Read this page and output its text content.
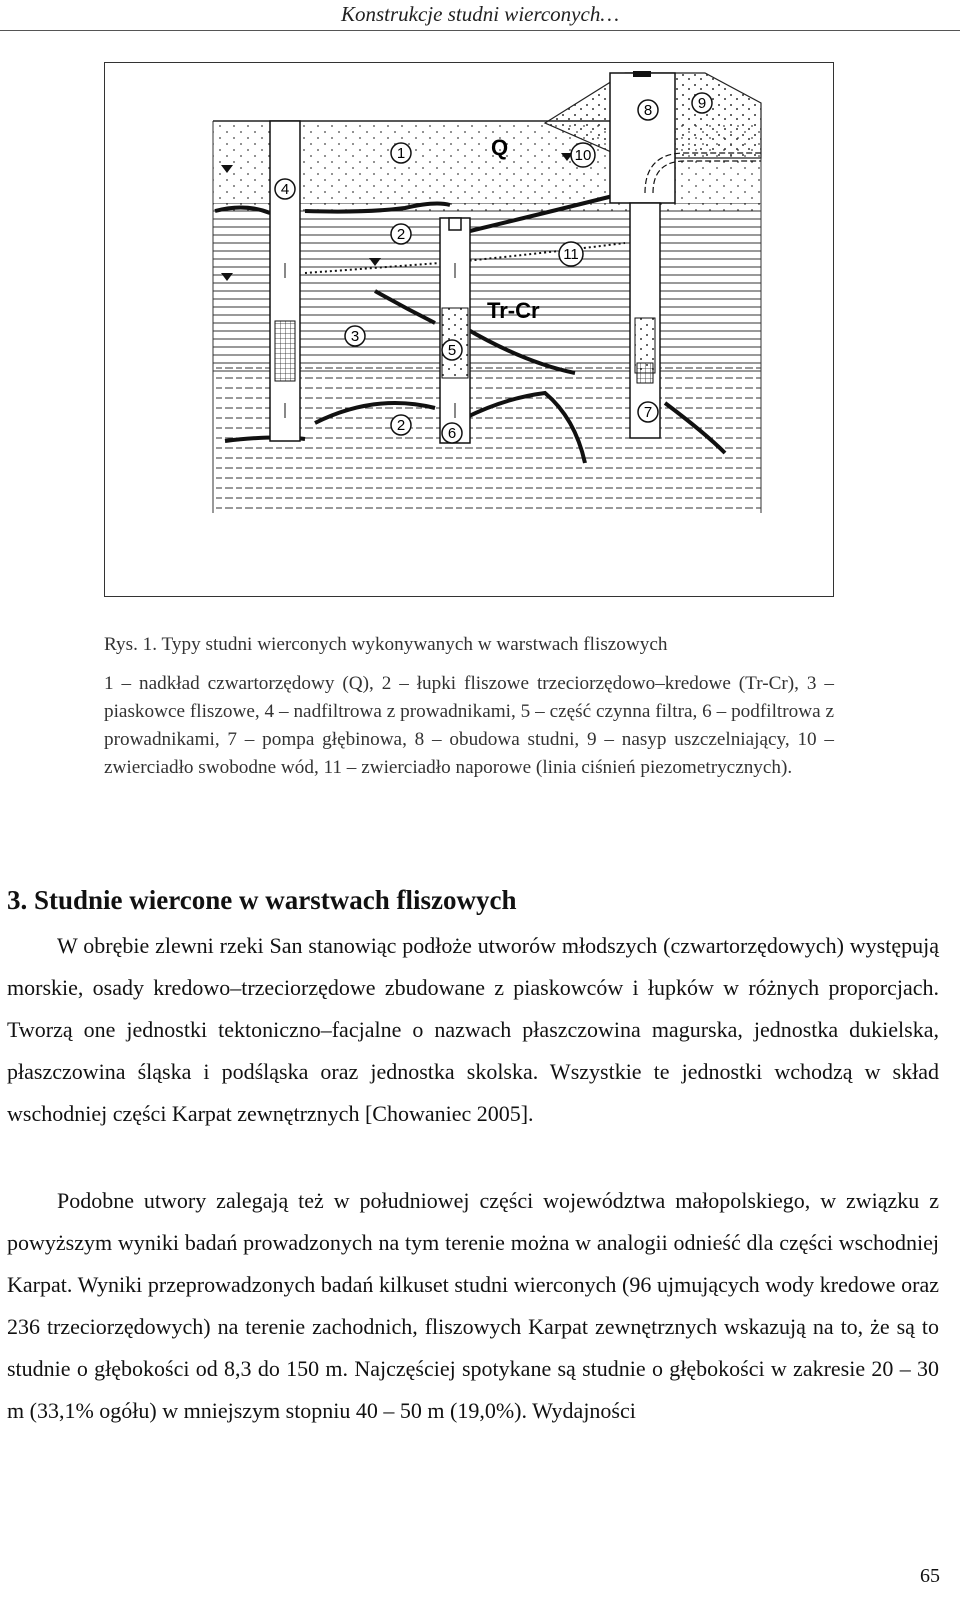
Konstrukcje studni wierconych…
4
1
2
3
2
5
6
8	9
10
11
7
Q
Tr-Cr
Rys. 1. Typy studni wierconych wykonywanych w warstwach fliszowych
1 – nadkład czwartorzędowy (Q), 2 – łupki fliszowe trzeciorzędowo–kredowe (Tr-Cr), 3 – piaskowce fliszowe, 4 – nadfiltrowa z prowadnikami, 5 – część czynna filtra, 6 – podfiltrowa z prowadnikami, 7 – pompa głębinowa, 8 – obudowa studni, 9 – nasyp uszczelniający, 10 – zwierciadło swobodne wód, 11 – zwierciadło naporowe (linia ciśnień piezometrycznych).
3. Studnie wiercone w warstwach fliszowych
W obrębie zlewni rzeki San stanowiąc podłoże utworów młodszych (czwartorzędowych) występują morskie, osady kredowo–trzeciorzędowe zbudowane z piaskowców i łupków w różnych proporcjach. Tworzą one jednostki tektoniczno–facjalne o nazwach płaszczowina magurska, jednostka dukielska, płaszczowina śląska i podśląska oraz jednostka skolska. Wszystkie te jednostki wchodzą w skład wschodniej części Karpat zewnętrznych [Chowaniec 2005].
Podobne utwory zalegają też w południowej części województwa małopolskiego, w związku z powyższym wyniki badań prowadzonych na tym terenie można w analogii odnieść dla części wschodniej Karpat. Wyniki przeprowadzonych badań kilkuset studni wierconych (96 ujmujących wody kredowe oraz 236 trzeciorzędowych) na terenie zachodnich, fliszowych Karpat zewnętrznych wskazują na to, że są to studnie o głębokości od 8,3 do 150 m. Najczęściej spotykane są studnie o głębokości w zakresie 20 – 30 m (33,1% ogółu) w mniejszym stopniu 40 – 50 m (19,0%). Wydajności
65
